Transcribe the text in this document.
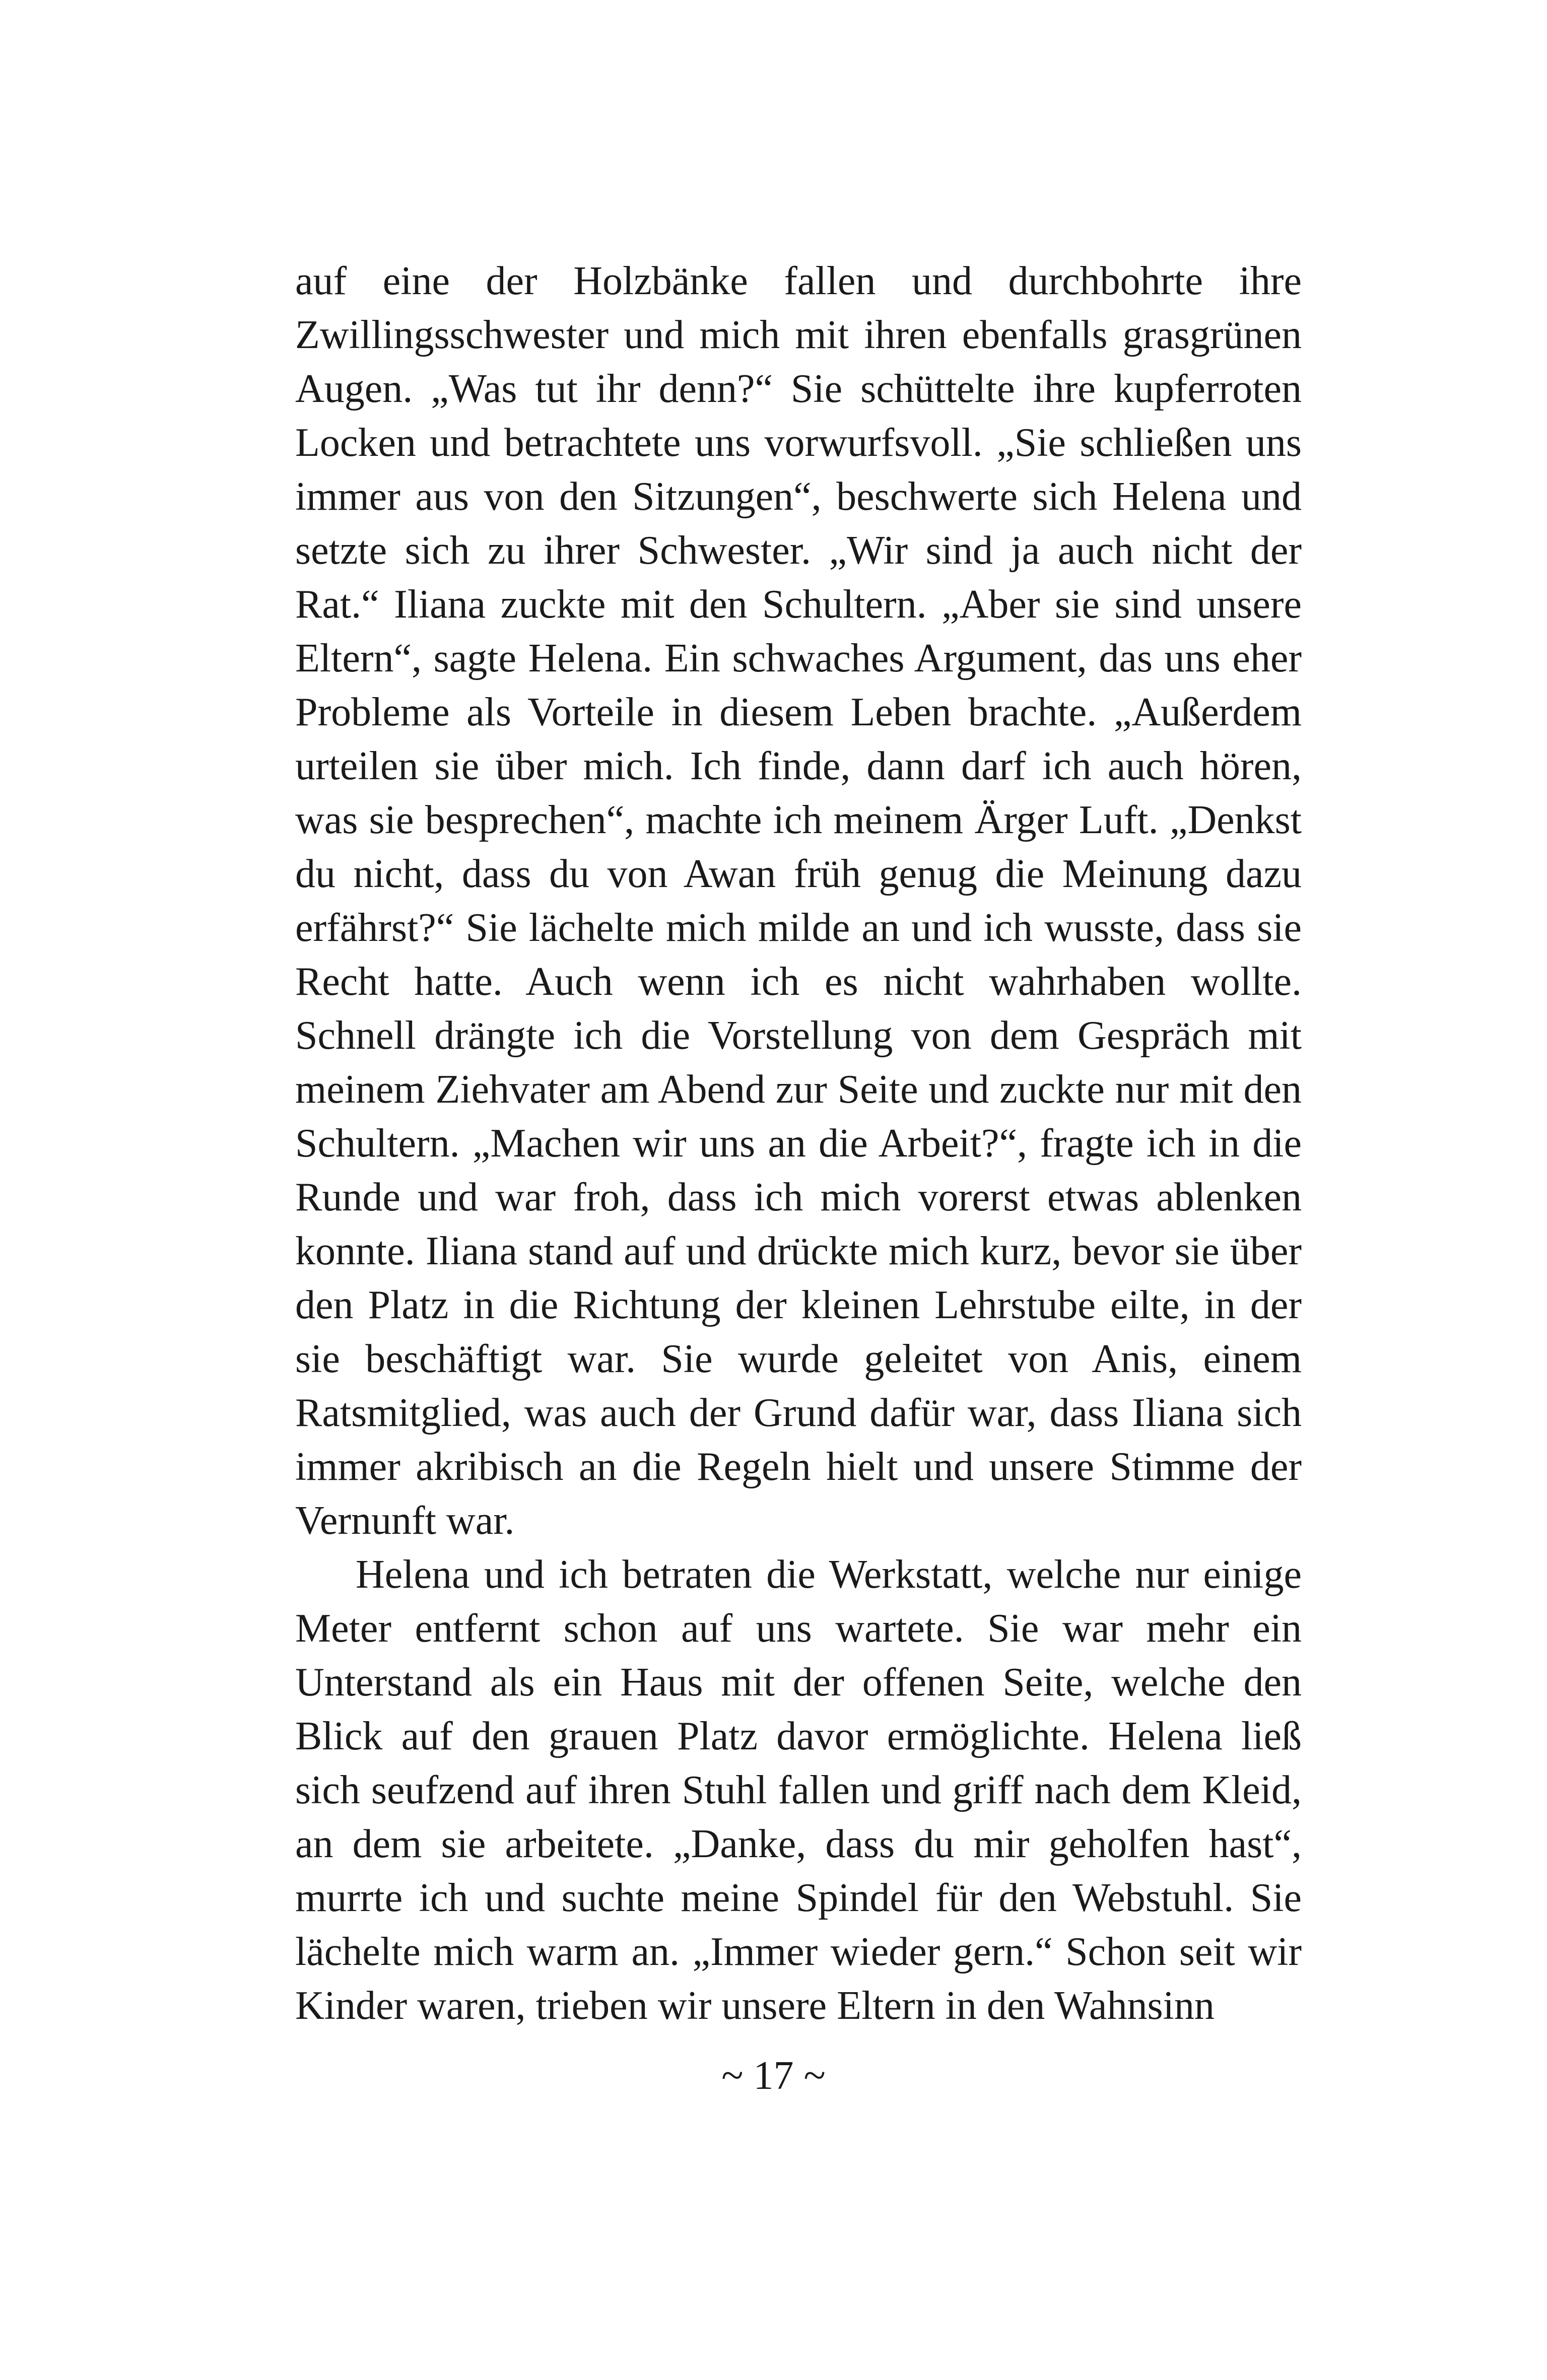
auf eine der Holzbänke fallen und durchbohrte ihre Zwillingsschwester und mich mit ihren ebenfalls grasgrünen Augen. „Was tut ihr denn?“ Sie schüttelte ihre kupferroten Locken und betrachtete uns vorwurfsvoll. „Sie schließen uns immer aus von den Sitzungen“, beschwerte sich Helena und setzte sich zu ihrer Schwester. „Wir sind ja auch nicht der Rat.“ Iliana zuckte mit den Schultern. „Aber sie sind unsere Eltern“, sagte Helena. Ein schwaches Argument, das uns eher Probleme als Vorteile in diesem Leben brachte. „Außerdem urteilen sie über mich. Ich finde, dann darf ich auch hören, was sie besprechen“, machte ich meinem Ärger Luft. „Denkst du nicht, dass du von Awan früh genug die Meinung dazu erfährst?“ Sie lächelte mich milde an und ich wusste, dass sie Recht hatte. Auch wenn ich es nicht wahrhaben wollte. Schnell drängte ich die Vorstellung von dem Gespräch mit meinem Ziehvater am Abend zur Seite und zuckte nur mit den Schultern. „Machen wir uns an die Arbeit?“, fragte ich in die Runde und war froh, dass ich mich vorerst etwas ablenken konnte. Iliana stand auf und drückte mich kurz, bevor sie über den Platz in die Richtung der kleinen Lehrstube eilte, in der sie beschäftigt war. Sie wurde geleitet von Anis, einem Ratsmitglied, was auch der Grund dafür war, dass Iliana sich immer akribisch an die Regeln hielt und unsere Stimme der Vernunft war.

Helena und ich betraten die Werkstatt, welche nur einige Meter entfernt schon auf uns wartete. Sie war mehr ein Unterstand als ein Haus mit der offenen Seite, welche den Blick auf den grauen Platz davor ermöglichte. Helena ließ sich seufzend auf ihren Stuhl fallen und griff nach dem Kleid, an dem sie arbeitete. „Danke, dass du mir geholfen hast“, murrte ich und suchte meine Spindel für den Webstuhl. Sie lächelte mich warm an. „Immer wieder gern.“ Schon seit wir Kinder waren, trieben wir unsere Eltern in den Wahnsinn

~ 17 ~
